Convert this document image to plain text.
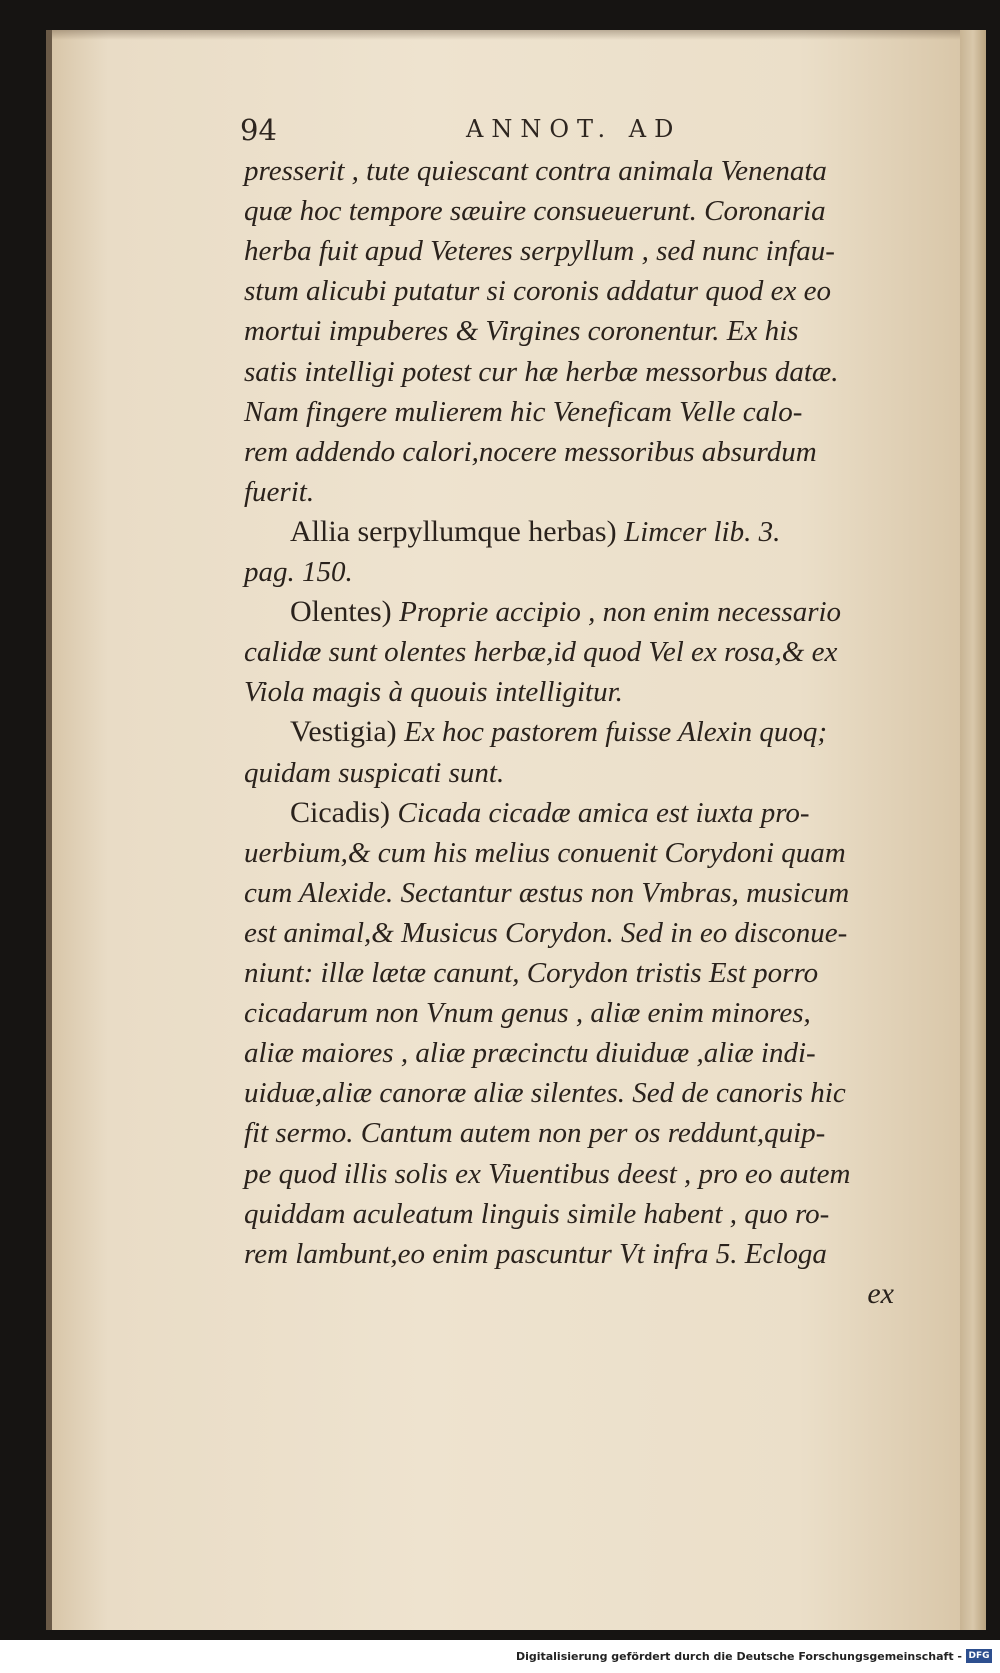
94	ANNOT. AD
presserit , tute quiescant contra animala Venenata
quæ hoc tempore sæuire consueuerunt. Coronaria
herba fuit apud Veteres serpyllum , sed nunc infau-
stum alicubi putatur si coronis addatur quod ex eo
mortui impuberes & Virgines coronentur. Ex his
satis intelligi potest cur hæ herbæ messorbus datæ.
Nam fingere mulierem hic Veneficam Velle calo-
rem addendo calori,nocere messoribus absurdum
fuerit.
Allia serpyllumque herbas) Limcer lib. 3.
pag. 150.
Olentes) Proprie accipio , non enim necessario
calidæ sunt olentes herbæ,id quod Vel ex rosa,& ex
Viola magis à quouis intelligitur.
Vestigia) Ex hoc pastorem fuisse Alexin quoq;
quidam suspicati sunt.
Cicadis) Cicada cicadæ amica est iuxta pro-
uerbium,& cum his melius conuenit Corydoni quam
cum Alexide. Sectantur æstus non Vmbras, musicum
est animal,& Musicus Corydon. Sed in eo disconue-
niunt: illæ lætæ canunt, Corydon tristis Est porro
cicadarum non Vnum genus , aliæ enim minores,
aliæ maiores , aliæ præcinctu diuiduæ ,aliæ indi-
uiduæ,aliæ canoræ aliæ silentes. Sed de canoris hic
fit sermo. Cantum autem non per os reddunt,quip-
pe quod illis solis ex Viuentibus deest , pro eo autem
quiddam aculeatum linguis simile habent , quo ro-
rem lambunt,eo enim pascuntur Vt infra 5. Ecloga
ex
Digitalisierung gefördert durch die Deutsche Forschungsgemeinschaft - DFG
